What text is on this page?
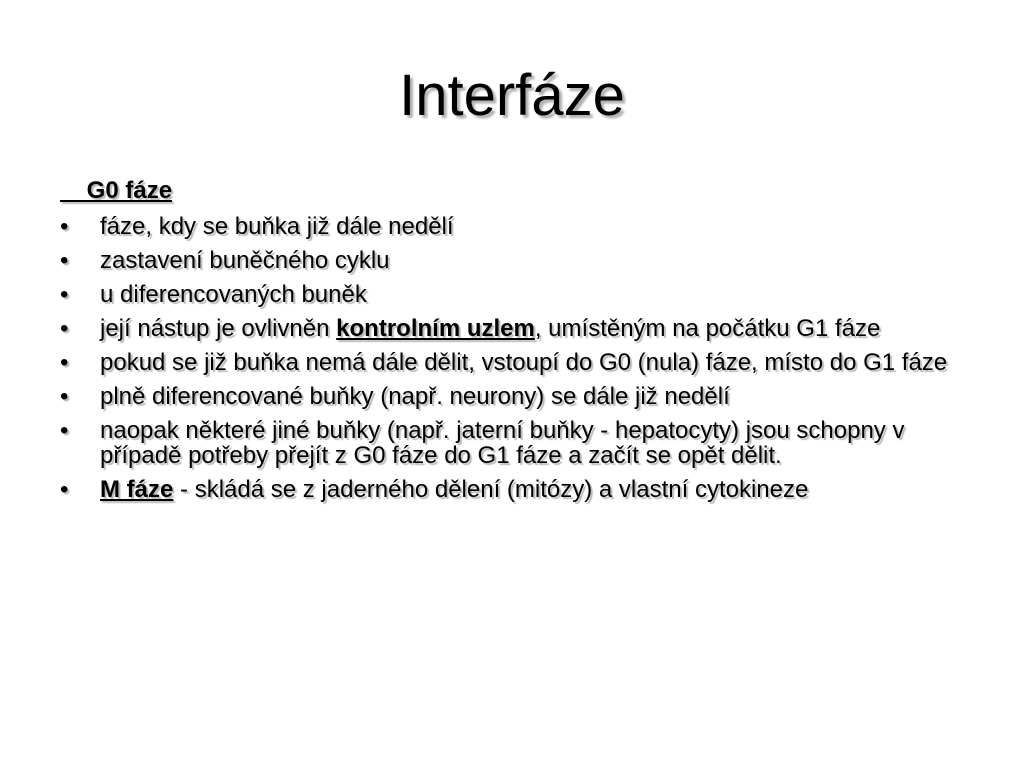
Interfáze
G0 fáze
•	fáze, kdy se buňka již dále nedělí
•	zastavení buněčného cyklu
•	u diferencovaných buněk
•	její nástup je ovlivněn kontrolním uzlem, umístěným na počátku G1 fáze
•	pokud se již buňka nemá dále dělit, vstoupí do G0 (nula) fáze, místo do G1 fáze
•	plně diferencované buňky (např. neurony) se dále již nedělí
•	naopak některé jiné buňky (např. jaterní buňky - hepatocyty) jsou schopny v případě potřeby přejít z G0 fáze do G1 fáze a začít se opět dělit.
•	M fáze - skládá se z jaderného dělení (mitózy) a vlastní cytokineze
